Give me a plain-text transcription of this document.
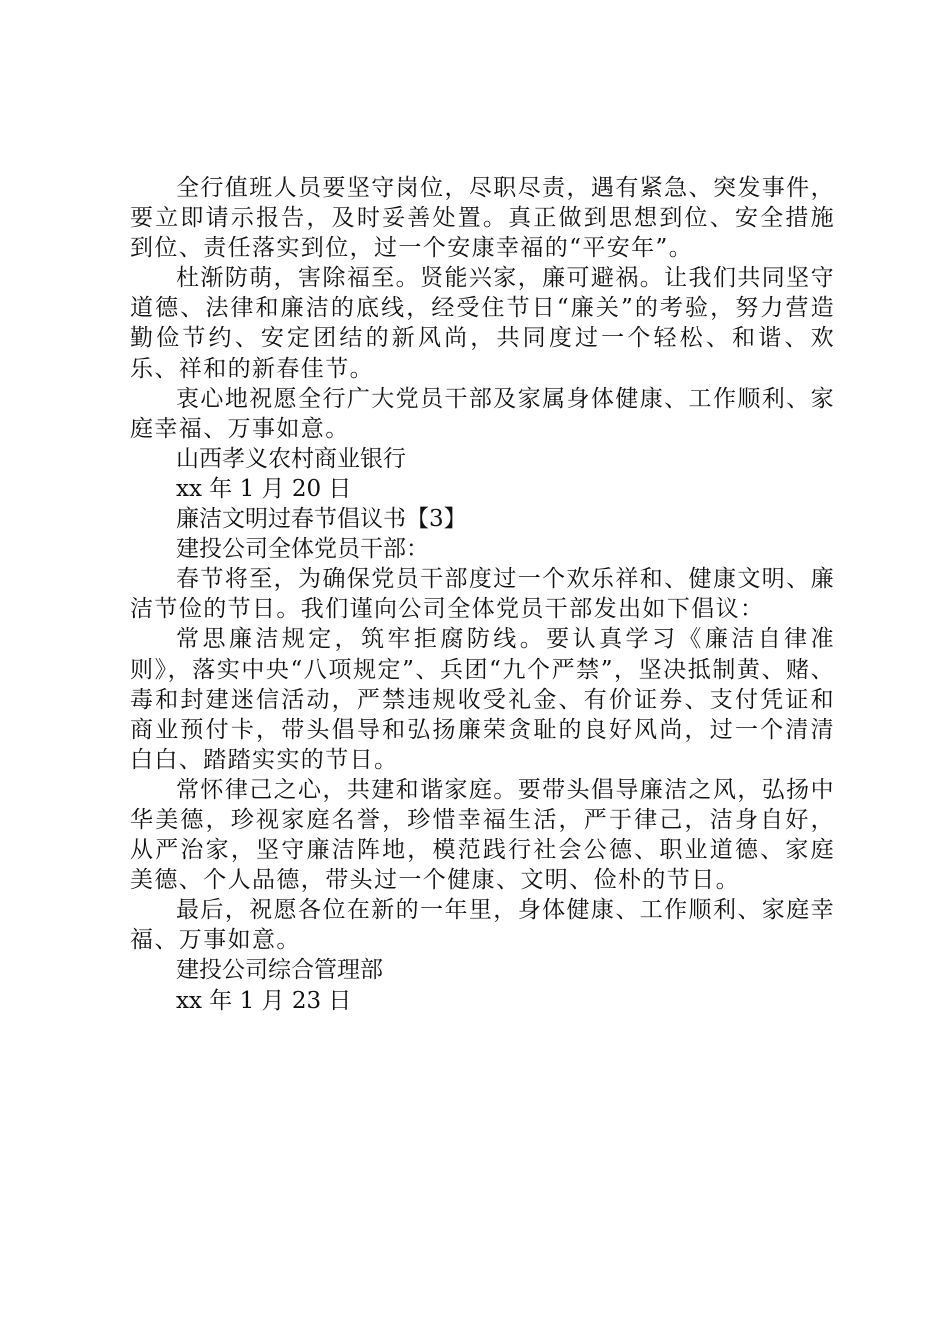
全行值班人员要坚守岗位，尽职尽责，遇有紧急、突发事件，要立即请示报告，及时妥善处置。真正做到思想到位、安全措施到位、责任落实到位，过一个安康幸福的“平安年”。

杜渐防萌，害除福至。贤能兴家，廉可避祸。让我们共同坚守道德、法律和廉洁的底线，经受住节日“廉关”的考验，努力营造勤俭节约、安定团结的新风尚，共同度过一个轻松、和谐、欢乐、祥和的新春佳节。

衷心地祝愿全行广大党员干部及家属身体健康、工作顺利、家庭幸福、万事如意。

山西孝义农村商业银行

xx 年 1 月 20 日

廉洁文明过春节倡议书【3】

建投公司全体党员干部：

春节将至，为确保党员干部度过一个欢乐祥和、健康文明、廉洁节俭的节日。我们谨向公司全体党员干部发出如下倡议：

常思廉洁规定，筑牢拒腐防线。要认真学习《廉洁自律准则》，落实中央“八项规定”、兵团“九个严禁”，坚决抵制黄、赌、毒和封建迷信活动，严禁违规收受礼金、有价证券、支付凭证和商业预付卡，带头倡导和弘扬廉荣贪耻的良好风尚，过一个清清白白、踏踏实实的节日。

常怀律己之心，共建和谐家庭。要带头倡导廉洁之风，弘扬中华美德，珍视家庭名誉，珍惜幸福生活，严于律己，洁身自好，从严治家，坚守廉洁阵地，模范践行社会公德、职业道德、家庭美德、个人品德，带头过一个健康、文明、俭朴的节日。

最后，祝愿各位在新的一年里，身体健康、工作顺利、家庭幸福、万事如意。

建投公司综合管理部

xx 年 1 月 23 日
